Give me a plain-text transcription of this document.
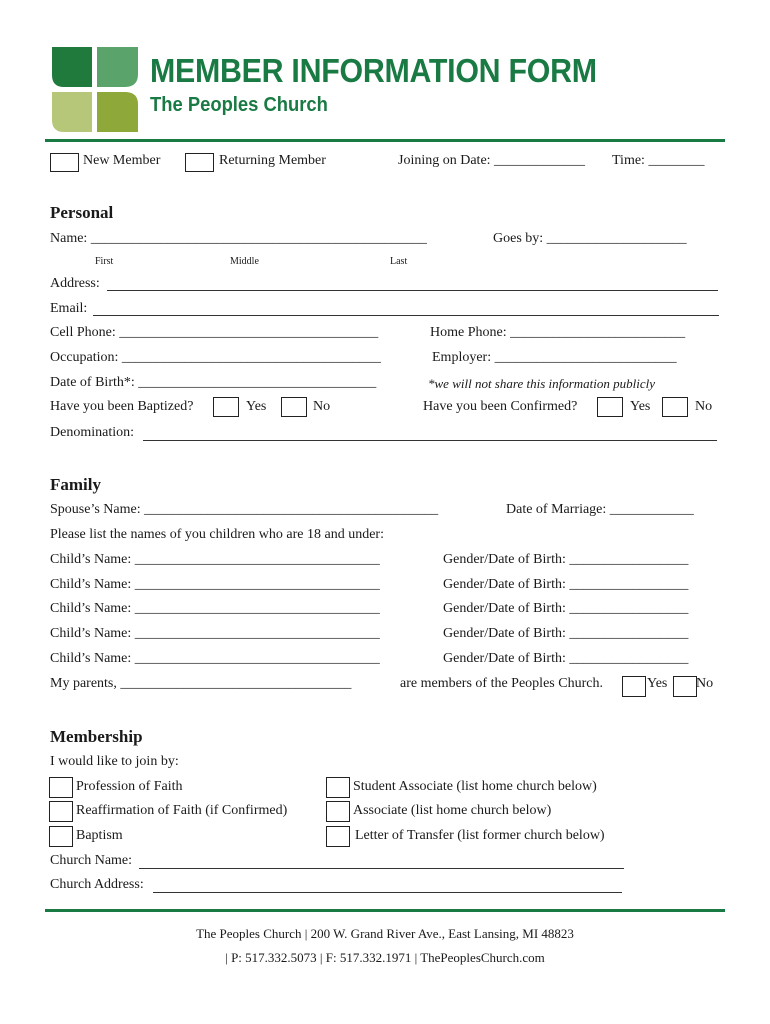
MEMBER INFORMATION FORM
The Peoples Church
New Member	Returning Member	Joining on Date: _____________ Time: ________
Personal
Name: ________________________________________________	Goes by: ____________________
First	Middle	Last
Address:
Email:
Cell Phone: _____________________________________	Home Phone: _________________________
Occupation: _____________________________________	Employer: __________________________
Date of Birth*: __________________________________	*we will not share this information publicly
Have you been Baptized?	Yes	No	Have you been Confirmed?	Yes	No
Denomination:
Family
Spouse’s Name: __________________________________________	Date of Marriage: ____________
Please list the names of you children who are 18 and under:
Child’s Name: ___________________________________	Gender/Date of Birth: _________________
Child’s Name: ___________________________________	Gender/Date of Birth: _________________
Child’s Name: ___________________________________	Gender/Date of Birth: _________________
Child’s Name: ___________________________________	Gender/Date of Birth: _________________
Child’s Name: ___________________________________	Gender/Date of Birth: _________________
My parents, _________________________________	are members of the Peoples Church.	Yes No
Membership
I would like to join by:
Profession of Faith
Reaffirmation of Faith (if Confirmed)
Baptism
Student Associate (list home church below)
Associate (list home church below)
Letter of Transfer (list former church below)
Church Name:
Church Address:
The Peoples Church | 200 W. Grand River Ave., East Lansing, MI 48823
| P: 517.332.5073 | F: 517.332.1971 | ThePeoplesChurch.com
